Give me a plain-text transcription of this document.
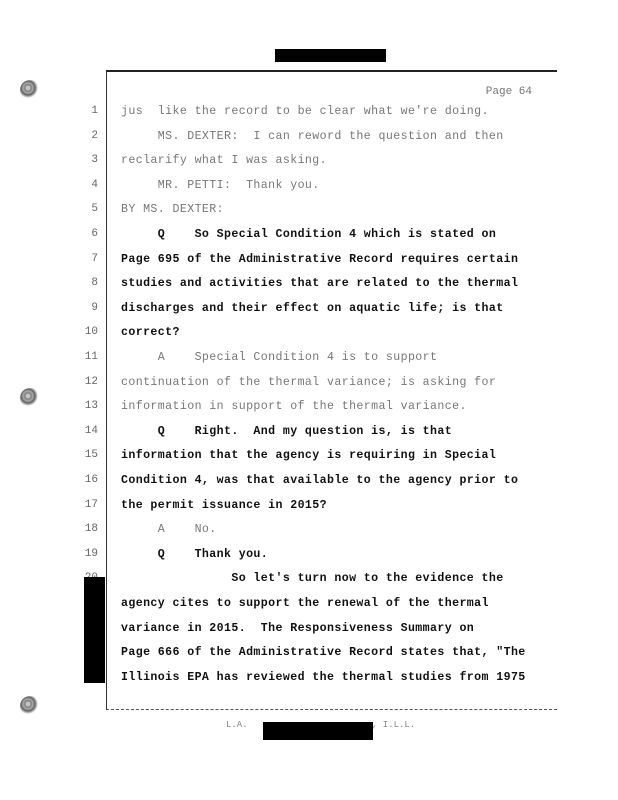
Page 64
1 jus  like the record to be clear what we're doing.
2 MS. DEXTER:  I can reword the question and then
3 reclarify what I was asking.
4 MR. PETTI:  Thank you.
5 BY MS. DEXTER:
6 Q    So Special Condition 4 which is stated on
7 Page 695 of the Administrative Record requires certain
8 studies and activities that are related to the thermal
9 discharges and their effect on aquatic life; is that
10 correct?
11 A    Special Condition 4 is to support
12 continuation of the thermal variance; is asking for
13 information in support of the thermal variance.
14 Q    Right.  And my question is, is that
15 information that the agency is requiring in Special
16 Condition 4, was that available to the agency prior to
17 the permit issuance in 2015?
18 A    No.
19 Q    Thank you.
So let's turn now to the evidence the
agency cites to support the renewal of the thermal
variance in 2015.  The Responsiveness Summary on
Page 666 of the Administrative Record states that, "The
Illinois EPA has reviewed the thermal studies from 1975
L.A.	, I.L.L.
